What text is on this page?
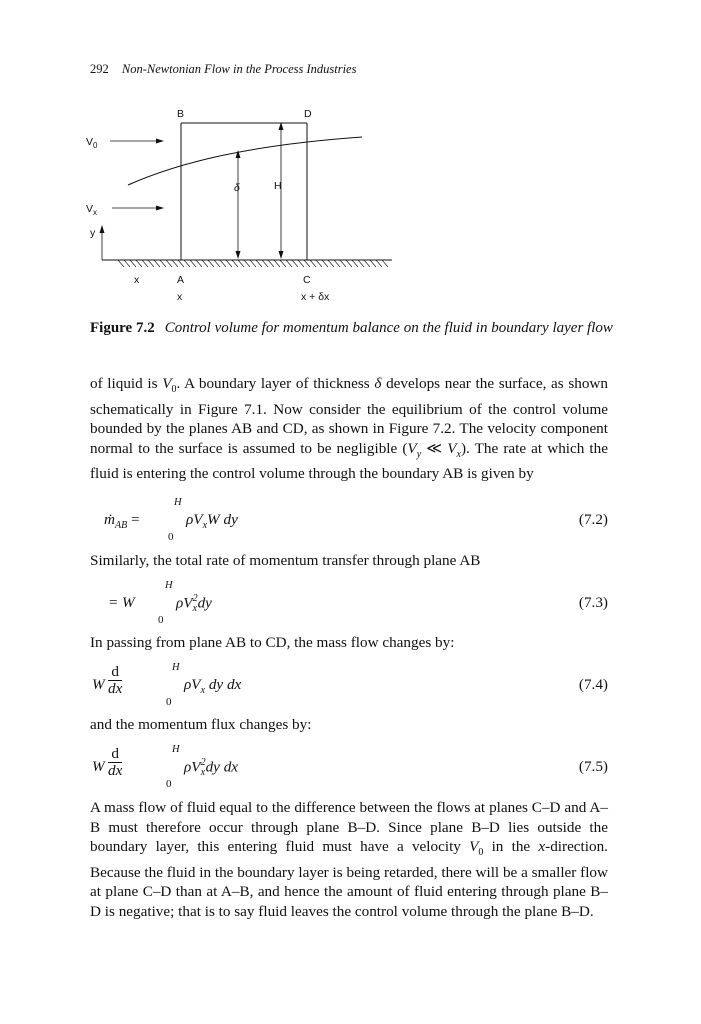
292 Non-Newtonian Flow in the Process Industries
B	D
$V_0$
$V_x$
y
δ	H
x	A	C
x	x + δx
Figure 7.2 Control volume for momentum balance on the fluid in boundary layer flow
of liquid is $V_0$. A boundary layer of thickness δ develops near the surface, as shown schematically in Figure 7.1. Now consider the equilibrium of the control volume bounded by the planes AB and CD, as shown in Figure 7.2. The velocity component normal to the surface is assumed to be negligible ($V_y$ ≪ $V_x$). The rate at which the fluid is entering the control volume through the boundary AB is given by
ṁ$_{AB}$ =
H
0
$\rho V_xW$ dy	(7.2)
Similarly, the total rate of momentum transfer through plane AB
= W
H
0
ρV 2
x dy	(7.3)
In passing from plane AB to CD, the mass flow changes by:
W $\frac{d}{dx}$	H
0
$\rho V_x$ dy dx	(7.4)
and the momentum flux changes by:
W $\frac{d}{dx}$	H
0
ρV 2
x dy dx	(7.5)
A mass flow of fluid equal to the difference between the flows at planes C–D and A–B must therefore occur through plane B–D. Since plane B–D lies outside the boundary layer, this entering fluid must have a velocity $V_0$ in the x-direction. Because the fluid in the boundary layer is being retarded, there will be a smaller flow at plane C–D than at A–B, and hence the amount of fluid entering through plane B–D is negative; that is to say fluid leaves the control volume through the plane B–D.
